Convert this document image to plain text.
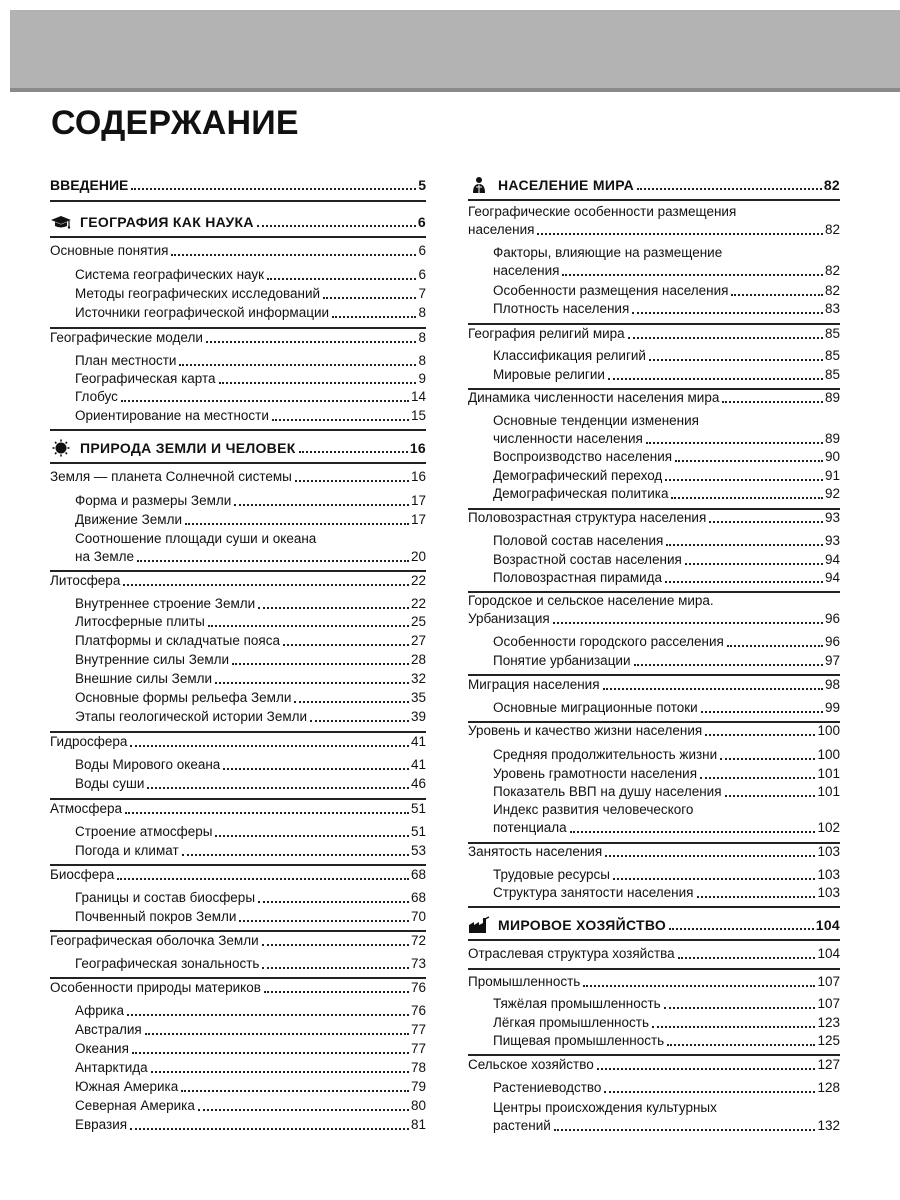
СОДЕРЖАНИЕ
ВВЕДЕНИЕ	5
ГЕОГРАФИЯ КАК НАУКА	6
Основные понятия	6
Система географических наук	6
Методы географических исследований	7
Источники географической информации	8
Географические модели	8
План местности	8
Географическая карта	9
Глобус	14
Ориентирование на местности	15
ПРИРОДА ЗЕМЛИ И ЧЕЛОВЕК	16
Земля — планета Солнечной системы	16
Форма и размеры Земли	17
Движение Земли	17
Соотношение площади суши и океана
на Земле	20
Литосфера	22
Внутреннее строение Земли	22
Литосферные плиты	25
Платформы и складчатые пояса	27
Внутренние силы Земли	28
Внешние силы Земли	32
Основные формы рельефа Земли	35
Этапы геологической истории Земли	39
Гидросфера	41
Воды Мирового океана	41
Воды суши	46
Атмосфера	51
Строение атмосферы	51
Погода и климат	53
Биосфера	68
Границы и состав биосферы	68
Почвенный покров Земли	70
Географическая оболочка Земли	72
Географическая зональность	73
Особенности природы материков	76
Африка	76
Австралия	77
Океания	77
Антарктида	78
Южная Америка	79
Северная Америка	80
Евразия	81
НАСЕЛЕНИЕ МИРА	82
Географические особенности размещения
населения	82
Факторы, влияющие на размещение
населения	82
Особенности размещения населения	82
Плотность населения	83
География религий мира	85
Классификация религий	85
Мировые религии	85
Динамика численности населения мира	89
Основные тенденции изменения
численности населения	89
Воспроизводство населения	90
Демографический переход	91
Демографическая политика	92
Половозрастная структура населения	93
Половой состав населения	93
Возрастной состав населения	94
Половозрастная пирамида	94
Городское и сельское население мира.
Урбанизация	96
Особенности городского расселения	96
Понятие урбанизации	97
Миграция населения	98
Основные миграционные потоки	99
Уровень и качество жизни населения	100
Средняя продолжительность жизни	100
Уровень грамотности населения	101
Показатель ВВП на душу населения	101
Индекс развития человеческого
потенциала	102
Занятость населения	103
Трудовые ресурсы	103
Структура занятости населения	103
МИРОВОЕ ХОЗЯЙСТВО	104
Отраслевая структура хозяйства	104
Промышленность	107
Тяжёлая промышленность	107
Лёгкая промышленность	123
Пищевая промышленность	125
Сельское хозяйство	127
Растениеводство	128
Центры происхождения культурных
растений	132
